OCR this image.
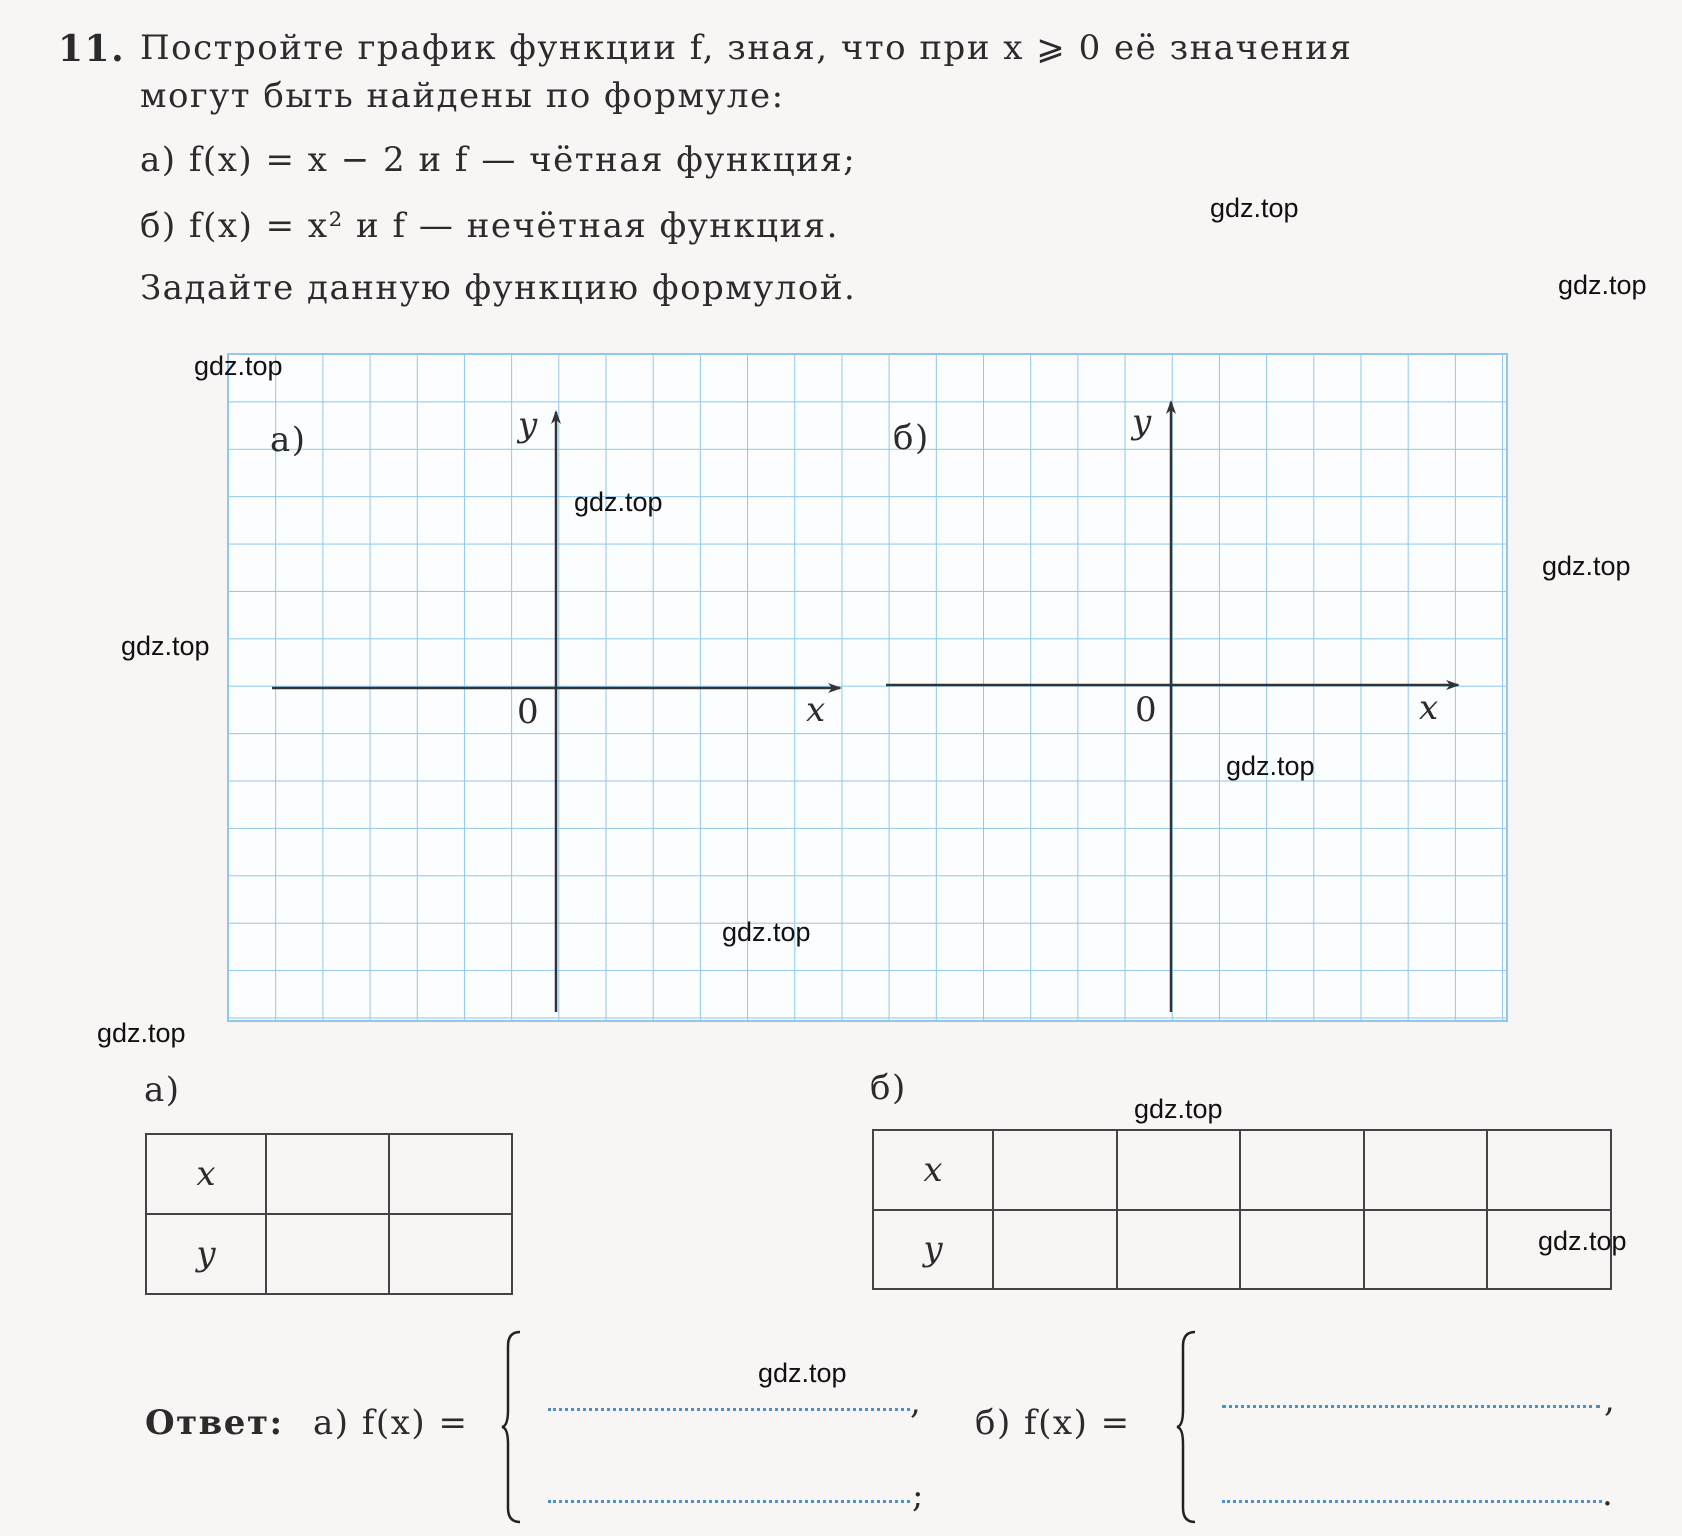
11. Постройте график функции f, зная, что при x ⩾ 0 её значения
могут быть найдены по формуле:
а) f(x) = x − 2 и f — чётная функция;
б) f(x) = x² и f — нечётная функция.
Задайте данную функцию формулой.
а)	y
0	x
б)	y
0	x
а)
x		
y		
б)
x					
y					
Ответ: а) f(x) =
,
;
б) f(x) =
,
.
gdz.top
gdz.top
gdz.top
gdz.top
gdz.top
gdz.top
gdz.top
gdz.top
gdz.top
gdz.top
gdz.top
gdz.top
